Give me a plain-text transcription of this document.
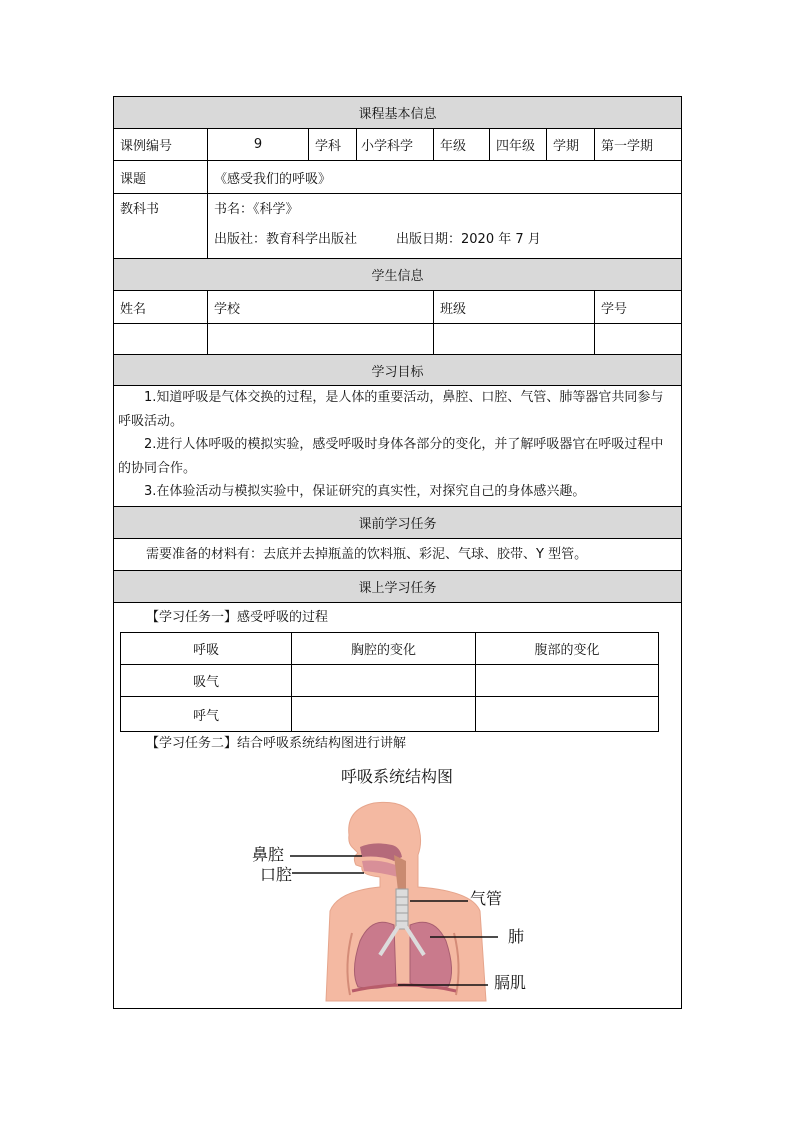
课程基本信息
课例编号	9	学科 小学科学 年级 四年级 学期 第一学期
课题	《感受我们的呼吸》
教科书	书名：《科学》
出版社：教育科学出版社	出版日期：2020 年 7 月
学生信息
姓名	学校	班级	学号
学习目标

1.知道呼吸是气体交换的过程，是人体的重要活动，鼻腔、口腔、气管、肺等器官共同参与呼吸活动。

2.进行人体呼吸的模拟实验，感受呼吸时身体各部分的变化，并了解呼吸器官在呼吸过程中的协同合作。

3.在体验活动与模拟实验中，保证研究的真实性，对探究自己的身体感兴趣。

课前学习任务
需要准备的材料有：去底并去掉瓶盖的饮料瓶、彩泥、气球、胶带、Y 型管。
课上学习任务
【学习任务一】感受呼吸的过程
呼吸	胸腔的变化	腹部的变化
吸气
呼气
【学习任务二】结合呼吸系统结构图进行讲解
呼吸系统结构图
鼻腔
口腔
气管
肺
膈肌
